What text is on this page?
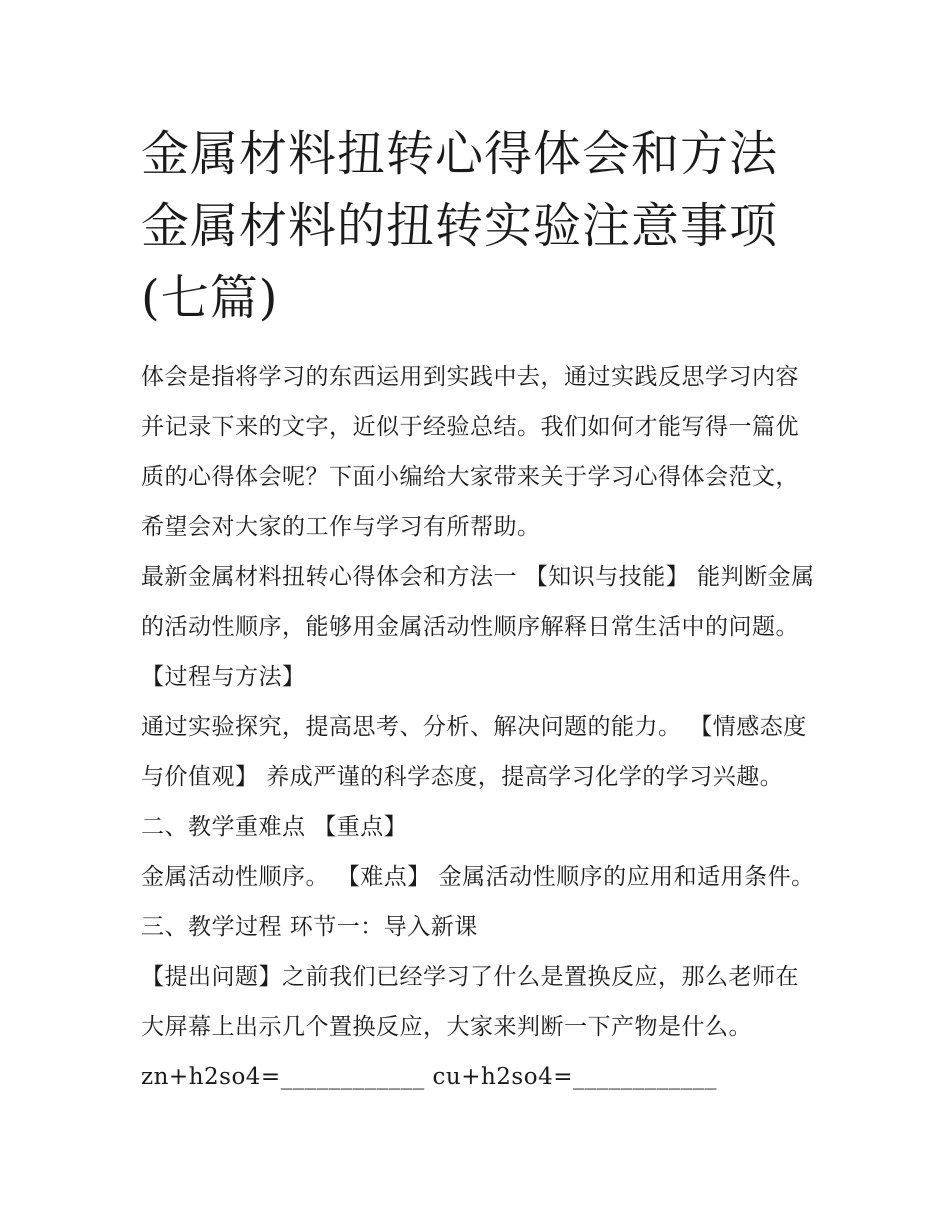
金属材料扭转心得体会和方法 金属材料的扭转实验注意事项(七篇)

体会是指将学习的东西运用到实践中去，通过实践反思学习内容并记录下来的文字，近似于经验总结。我们如何才能写得一篇优质的心得体会呢？下面小编给大家带来关于学习心得体会范文，希望会对大家的工作与学习有所帮助。

最新金属材料扭转心得体会和方法一 【知识与技能】 能判断金属的活动性顺序，能够用金属活动性顺序解释日常生活中的问题。 【过程与方法】

通过实验探究，提高思考、分析、解决问题的能力。 【情感态度与价值观】 养成严谨的科学态度，提高学习化学的学习兴趣。 二、教学重难点 【重点】

金属活动性顺序。 【难点】 金属活动性顺序的应用和适用条件。 三、教学过程 环节一：导入新课

【提出问题】之前我们已经学习了什么是置换反应，那么老师在大屏幕上出示几个置换反应，大家来判断一下产物是什么。

zn+h2so4=____________ cu+h2so4=____________
